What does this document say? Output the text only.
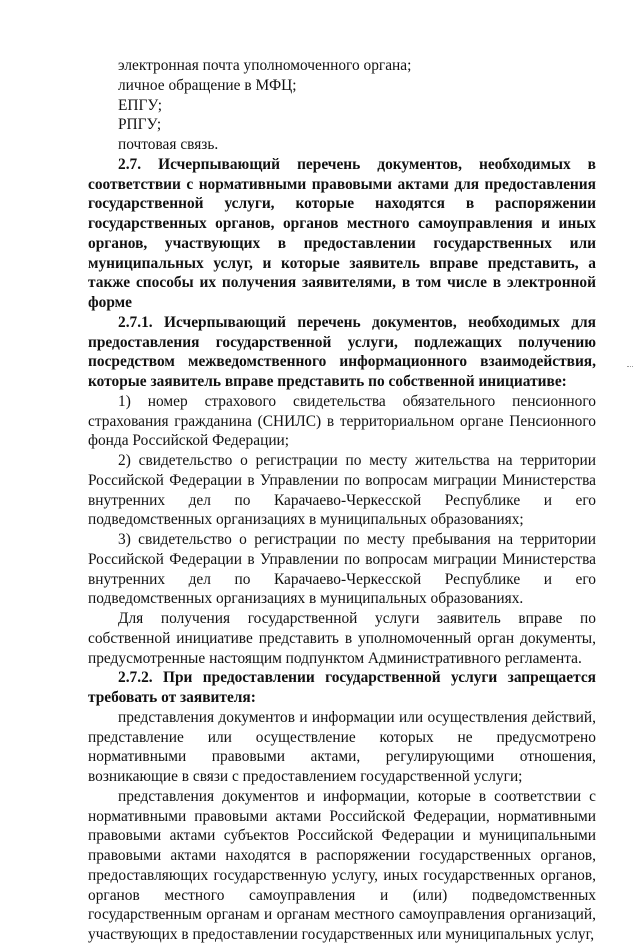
электронная почта уполномоченного органа;

личное обращение в МФЦ;

ЕПГУ;

РПГУ;

почтовая связь.

2.7. Исчерпывающий перечень документов, необходимых в соответствии с нормативными правовыми актами для предоставления государственной услуги, которые находятся в распоряжении государственных органов, органов местного самоуправления и иных органов, участвующих в предоставлении государственных или муниципальных услуг, и которые заявитель вправе представить, а также способы их получения заявителями, в том числе в электронной форме

2.7.1. Исчерпывающий перечень документов, необходимых для предоставления государственной услуги, подлежащих получению посредством межведомственного информационного взаимодействия, которые заявитель вправе представить по собственной инициативе:

1) номер страхового свидетельства обязательного пенсионного страхования гражданина (СНИЛС) в территориальном органе Пенсионного фонда Российской Федерации;

2) свидетельство о регистрации по месту жительства на территории Российской Федерации в Управлении по вопросам миграции Министерства внутренних дел по Карачаево-Черкесской Республике и его подведомственных организациях в муниципальных образованиях;

3) свидетельство о регистрации по месту пребывания на территории Российской Федерации в Управлении по вопросам миграции Министерства внутренних дел по Карачаево-Черкесской Республике и его подведомственных организациях в муниципальных образованиях.

Для получения государственной услуги заявитель вправе по собственной инициативе представить в уполномоченный орган документы, предусмотренные настоящим подпунктом Административного регламента.

2.7.2. При предоставлении государственной услуги запрещается требовать от заявителя:

представления документов и информации или осуществления действий, представление или осуществление которых не предусмотрено нормативными правовыми актами, регулирующими отношения, возникающие в связи с предоставлением государственной услуги;

представления документов и информации, которые в соответствии с нормативными правовыми актами Российской Федерации, нормативными правовыми актами субъектов Российской Федерации и муниципальными правовыми актами находятся в распоряжении государственных органов, предоставляющих государственную услугу, иных государственных органов, органов местного самоуправления и (или) подведомственных государственным органам и органам местного самоуправления организаций, участвующих в предоставлении государственных или муниципальных услуг,
